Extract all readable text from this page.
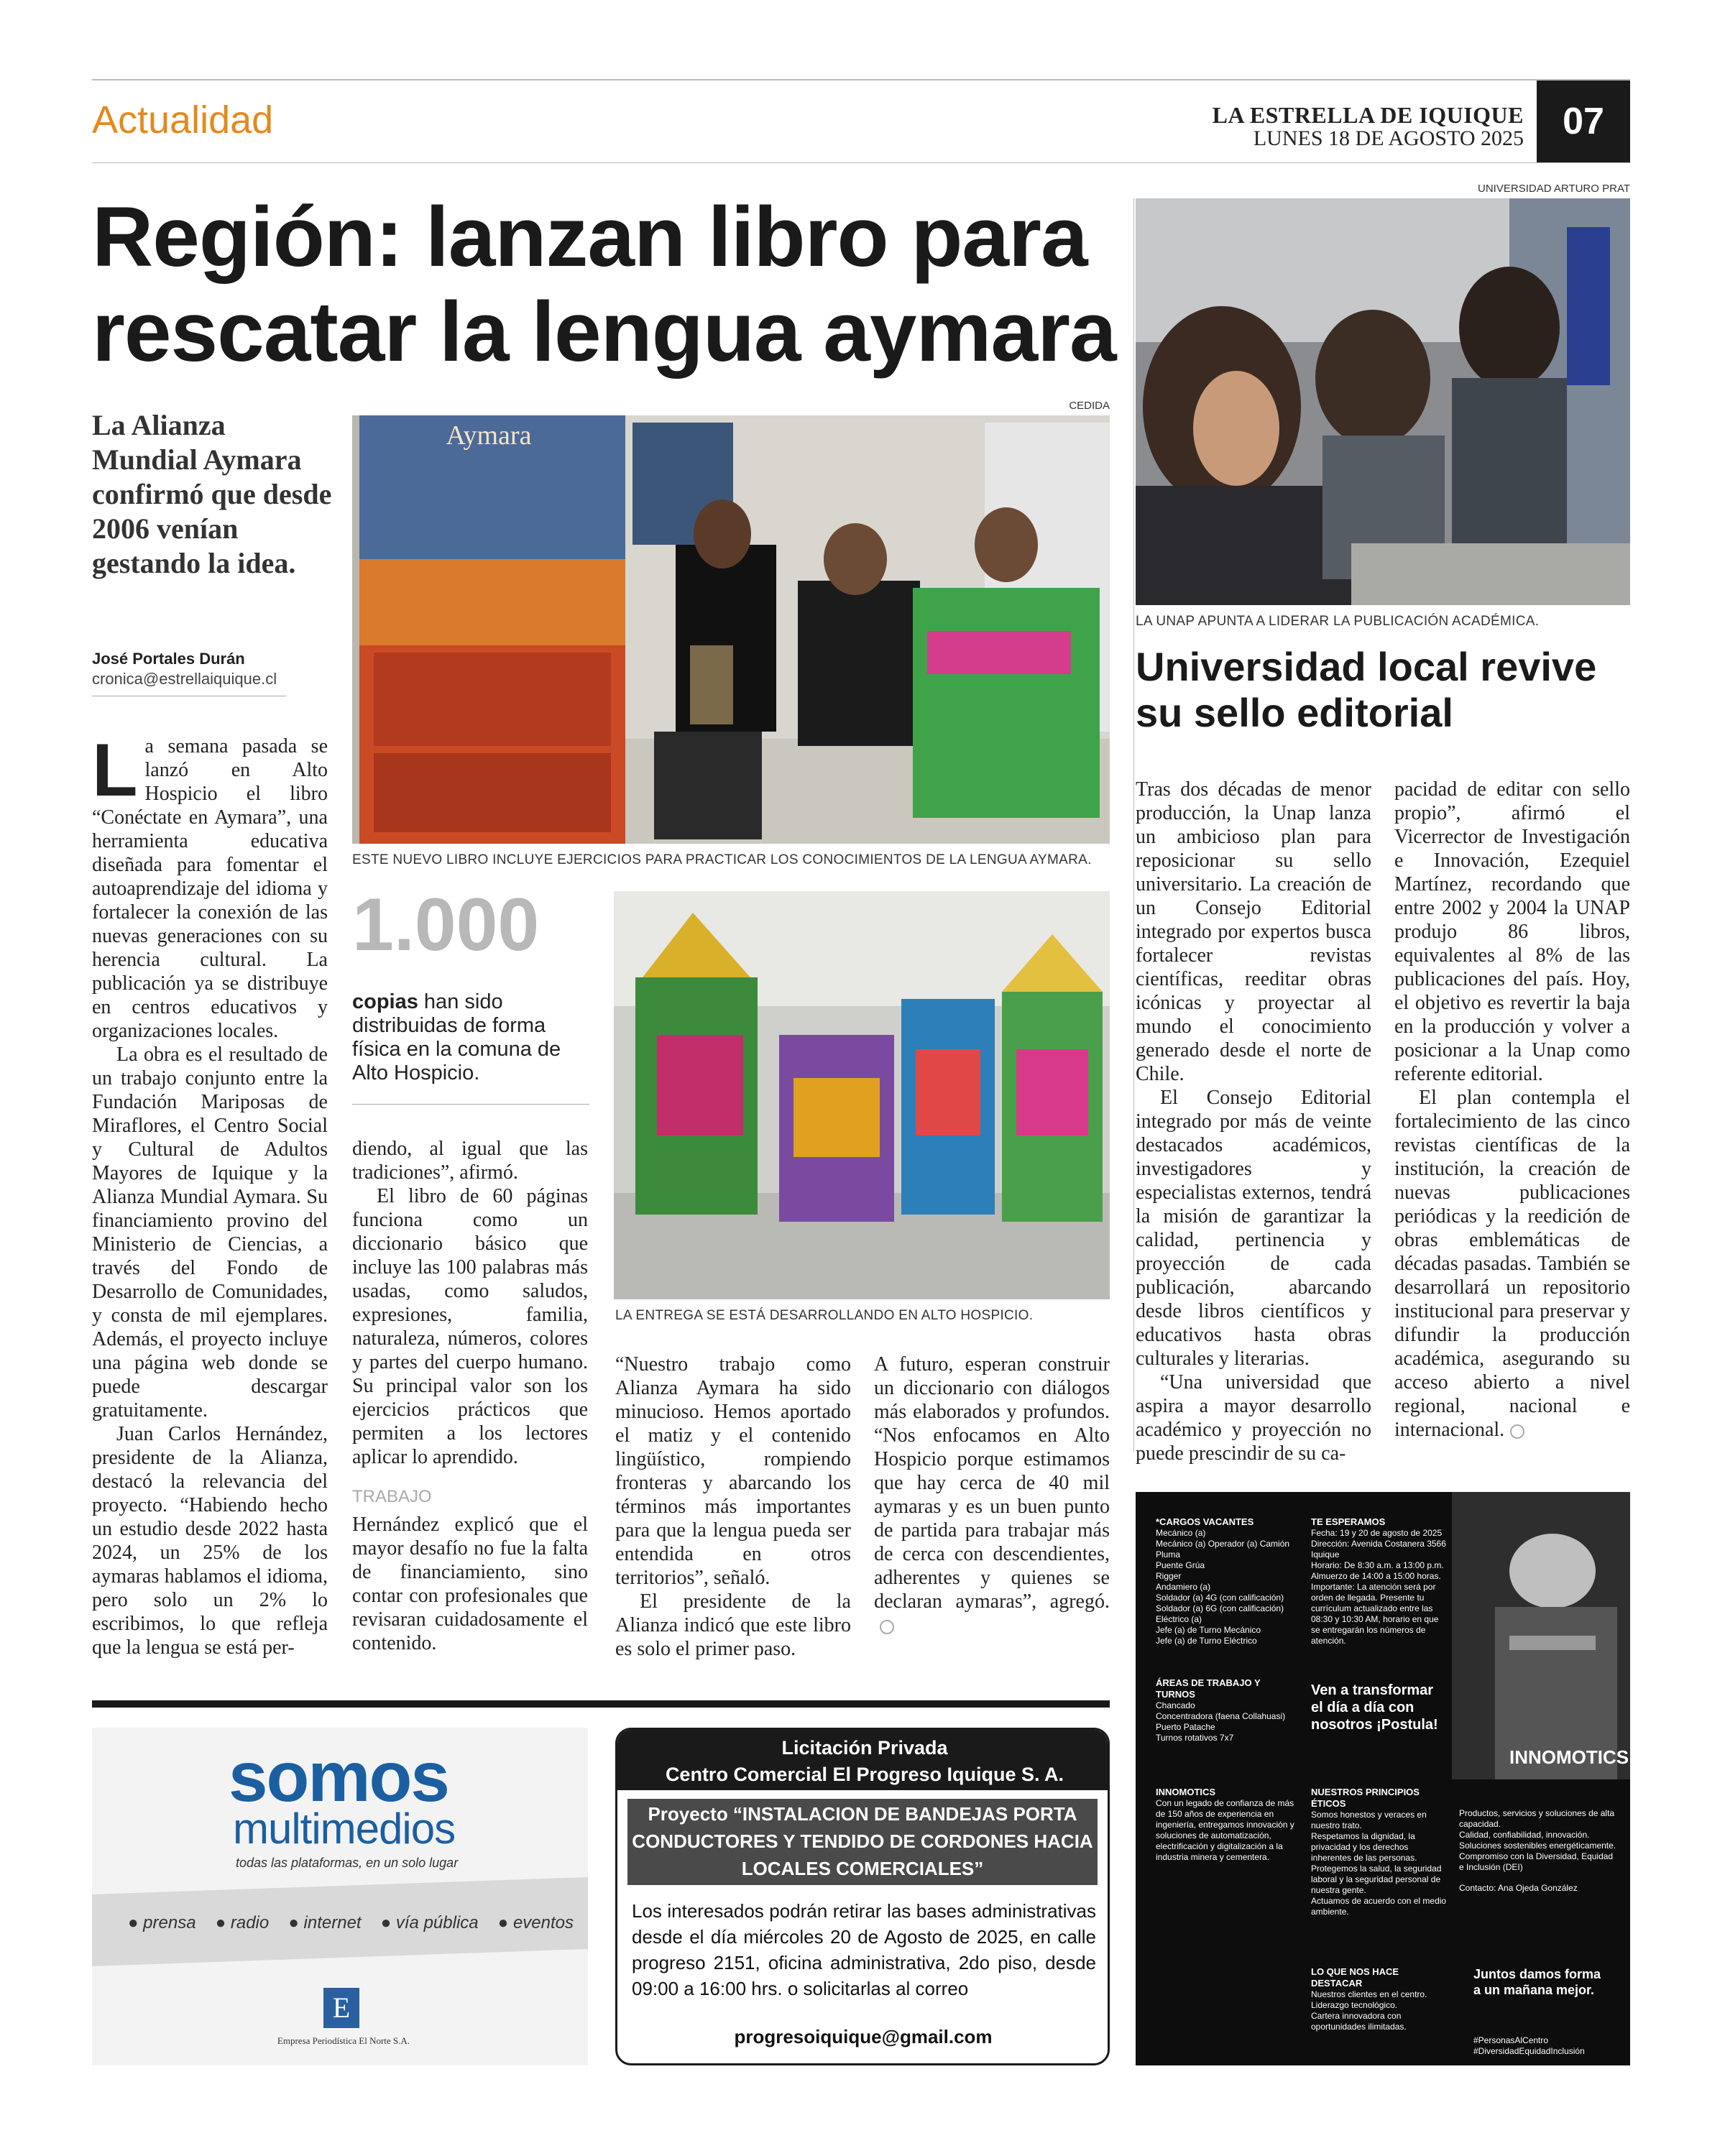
Actualidad	LA ESTRELLA DE IQUIQUE
LUNES 18 DE AGOSTO 2025	07
Región: lanzan libro para rescatar la lengua aymara
La Alianza Mundial Aymara confirmó que desde 2006 venían gestando la idea.
José Portales Durán
cronica@estrellaiquique.cl
CEDIDA
Aymara
ESTE NUEVO LIBRO INCLUYE EJERCICIOS PARA PRACTICAR LOS CONOCIMIENTOS DE LA LENGUA AYMARA.
1.000
copias han sido distribuidas de forma física en la comuna de Alto Hospicio.
LA ENTREGA SE ESTÁ DESARROLLANDO EN ALTO HOSPICIO.

La semana pasada se lanzó en Alto Hospicio el libro “Conéctate en Aymara”, una herramienta educativa diseñada para fomentar el autoaprendizaje del idioma y fortalecer la conexión de las nuevas generaciones con su herencia cultural. La publicación ya se distribuye en centros educativos y organizaciones locales.

La obra es el resultado de un trabajo conjunto entre la Fundación Mariposas de Miraflores, el Centro Social y Cultural de Adultos Mayores de Iquique y la Alianza Mundial Aymara. Su financiamiento provino del Ministerio de Ciencias, a través del Fondo de Desarrollo de Comunidades, y consta de mil ejemplares. Además, el proyecto incluye una página web donde se puede descargar gratuitamente.

Juan Carlos Hernández, presidente de la Alianza, destacó la relevancia del proyecto. “Habiendo hecho un estudio desde 2022 hasta 2024, un 25% de los aymaras hablamos el idioma, pero solo un 2% lo escribimos, lo que refleja que la lengua se está per-

diendo, al igual que las tradiciones”, afirmó.

El libro de 60 páginas funciona como un diccionario básico que incluye las 100 palabras más usadas, como saludos, expresiones, familia, naturaleza, números, colores y partes del cuerpo humano. Su principal valor son los ejercicios prácticos que permiten a los lectores aplicar lo aprendido.

TRABAJO

Hernández explicó que el mayor desafío no fue la falta de financiamiento, sino contar con profesionales que revisaran cuidadosamente el contenido.

“Nuestro trabajo como Alianza Aymara ha sido minucioso. Hemos aportado el matiz y el contenido lingüístico, rompiendo fronteras y abarcando los términos más importantes para que la lengua pueda ser entendida en otros territorios”, señaló.

El presidente de la Alianza indicó que este libro es solo el primer paso.

A futuro, esperan construir un diccionario con diálogos más elaborados y profundos. “Nos enfocamos en Alto Hospicio porque estimamos que hay cerca de 40 mil aymaras y es un buen punto de partida para trabajar más de cerca con descendientes, adherentes y quienes se declaran aymaras”, agregó.

UNIVERSIDAD ARTURO PRAT
LA UNAP APUNTA A LIDERAR LA PUBLICACIÓN ACADÉMICA.
Universidad local revive su sello editorial

Tras dos décadas de menor producción, la Unap lanza un ambicioso plan para reposicionar su sello universitario. La creación de un Consejo Editorial integrado por expertos busca fortalecer revistas científicas, reeditar obras icónicas y proyectar al mundo el conocimiento generado desde el norte de Chile.

El Consejo Editorial integrado por más de veinte destacados académicos, investigadores y especialistas externos, tendrá la misión de garantizar la calidad, pertinencia y proyección de cada publicación, abarcando desde libros científicos y educativos hasta obras culturales y literarias.

“Una universidad que aspira a mayor desarrollo académico y proyección no puede prescindir de su ca-

pacidad de editar con sello propio”, afirmó el Vicerrector de Investigación e Innovación, Ezequiel Martínez, recordando que entre 2002 y 2004 la UNAP produjo 86 libros, equivalentes al 8% de las publicaciones del país. Hoy, el objetivo es revertir la baja en la producción y volver a posicionar a la Unap como referente editorial.

El plan contempla el fortalecimiento de las cinco revistas científicas de la institución, la creación de nuevas publicaciones periódicas y la reedición de obras emblemáticas de décadas pasadas. También se desarrollará un repositorio institucional para preservar y difundir la producción académica, asegurando su acceso abierto a nivel regional, nacional e internacional.

somos
multimedios
todas las plataformas, en un solo lugar
● prensa ● radio ● internet ● vía pública ● eventos
E
Empresa Periodística El Norte S.A.
Licitación Privada
Centro Comercial El Progreso Iquique S. A.
Proyecto “INSTALACION DE BANDEJAS PORTA CONDUCTORES Y TENDIDO DE CORDONES HACIA LOCALES COMERCIALES”
Los interesados podrán retirar las bases administrativas desde el día miércoles 20 de Agosto de 2025, en calle progreso 2151, oficina administrativa, 2do piso, desde 09:00 a 16:00 hrs. o solicitarlas al correo
progresoiquique@gmail.com
INNOMOTICS
*CARGOS VACANTES
Mecánico (a)
Mecánico (a) Operador (a) Camión Pluma
Puente Grúa
Rigger
Andamiero (a)
Soldador (a) 4G (con calificación)
Soldador (a) 6G (con calificación)
Eléctrico (a)
Jefe (a) de Turno Mecánico
Jefe (a) de Turno Eléctrico
ÁREAS DE TRABAJO Y TURNOS
Chancado
Concentradora (faena Collahuasi)
Puerto Patache
Turnos rotativos 7x7
TE ESPERAMOS
Fecha: 19 y 20 de agosto de 2025
Dirección: Avenida Costanera 3566 Iquique
Horario: De 8:30 a.m. a 13:00 p.m. Almuerzo de 14:00 a 15:00 horas.
Importante: La atención será por orden de llegada. Presente tu currículum actualizado entre las 08:30 y 10:30 AM, horario en que se entregarán los números de atención.
Ven a transformar el día a día con nosotros ¡Postula!
INNOMOTICS
Con un legado de confianza de más de 150 años de experiencia en ingeniería, entregamos innovación y soluciones de automatización, electrificación y digitalización a la industria minera y cementera.
NUESTROS PRINCIPIOS ÉTICOS
Somos honestos y veraces en nuestro trato.
Respetamos la dignidad, la privacidad y los derechos inherentes de las personas.
Protegemos la salud, la seguridad laboral y la seguridad personal de nuestra gente.
Actuamos de acuerdo con el medio ambiente.
LO QUE NOS HACE DESTACAR
Nuestros clientes en el centro.
Liderazgo tecnológico.
Cartera innovadora con oportunidades ilimitadas.
Productos, servicios y soluciones de alta capacidad.
Calidad, confiabilidad, innovación.
Soluciones sostenibles energéticamente.
Compromiso con la Diversidad, Equidad e Inclusión (DEI)
Contacto: Ana Ojeda González
Juntos damos forma a un mañana mejor.
#PersonasAlCentro #DiversidadEquidadInclusión
